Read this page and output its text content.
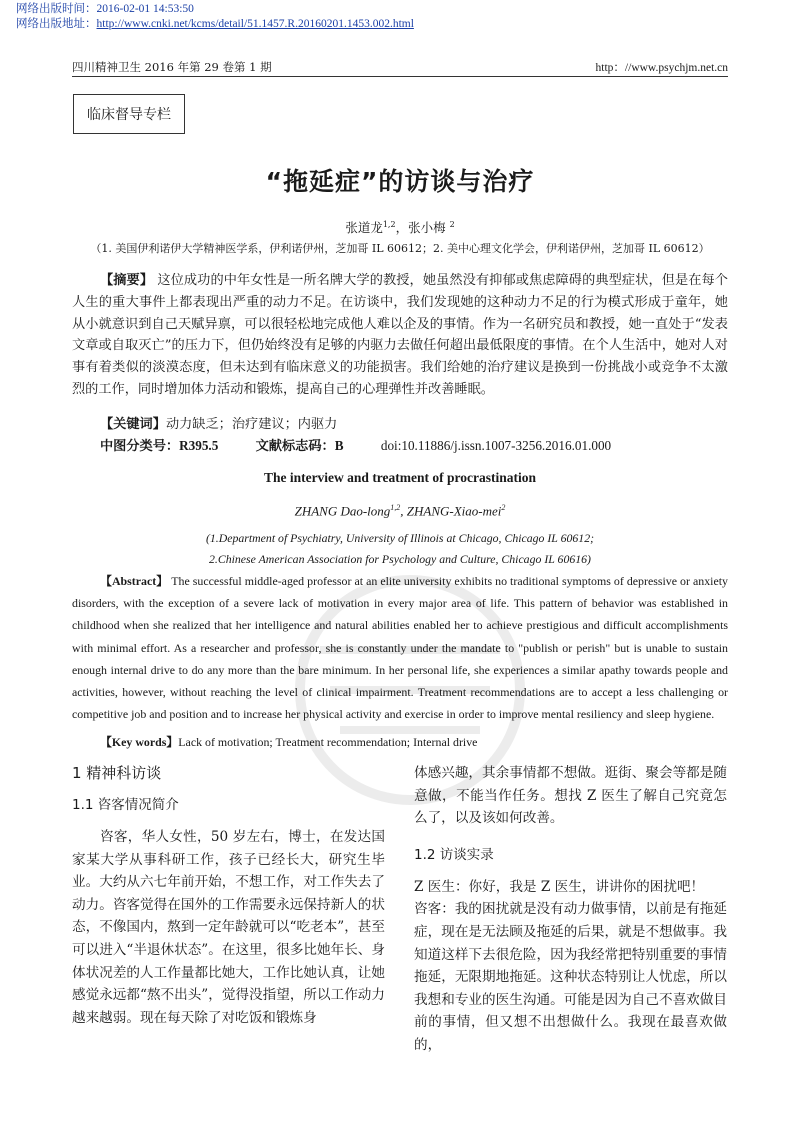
网络出版时间：2016-02-01 14:53:50
网络出版地址：http://www.cnki.net/kcms/detail/51.1457.R.20160201.1453.002.html
四川精神卫生 2016 年第 29 卷第 1 期	http：//www.psychjm.net.cn
临床督导专栏
“拖延症”的访谈与治疗
张道龙$^{1,2}$，张小梅 $^2$
（1. 美国伊利诺伊大学精神医学系，伊利诺伊州，芝加哥 IL 60612；2. 美中心理文化学会，伊利诺伊州，芝加哥 IL 60612）
【摘要】 这位成功的中年女性是一所名牌大学的教授，她虽然没有抑郁或焦虑障碍的典型症状，但是在每个人生的重大事件上都表现出严重的动力不足。在访谈中，我们发现她的这种动力不足的行为模式形成于童年，她从小就意识到自己天赋异禀，可以很轻松地完成他人难以企及的事情。作为一名研究员和教授，她一直处于“发表文章或自取灭亡”的压力下，但仍始终没有足够的内驱力去做任何超出最低限度的事情。在个人生活中，她对人对事有着类似的淡漠态度，但未达到有临床意义的功能损害。我们给她的治疗建议是换到一份挑战小或竞争不太激烈的工作，同时增加体力活动和锻炼，提高自己的心理弹性并改善睡眠。
【关键词】动力缺乏；治疗建议；内驱力
中图分类号：R395.5	文献标志码：B	doi:10.11886/j.issn.1007-3256.2016.01.000
The interview and treatment of procrastination
ZHANG Dao-long$^{1,2}$, ZHANG-Xiao-mei$^2$
(1.Department of Psychiatry, University of Illinois at Chicago, Chicago IL 60612;
2.Chinese American Association for Psychology and Culture, Chicago IL 60616)
【Abstract】 The successful middle-aged professor at an elite university exhibits no traditional symptoms of depressive or anxiety disorders, with the exception of a severe lack of motivation in every major area of life. This pattern of behavior was established in childhood when she realized that her intelligence and natural abilities enabled her to achieve prestigious and difficult accomplishments with minimal effort. As a researcher and professor, she is constantly under the mandate to "publish or perish" but is unable to sustain enough internal drive to do any more than the bare minimum. In her personal life, she experiences a similar apathy towards people and activities, however, without reaching the level of clinical impairment. Treatment recommendations are to accept a less challenging or competitive job and position and to increase her physical activity and exercise in order to improve mental resiliency and sleep hygiene.
【Key words】Lack of motivation; Treatment recommendation; Internal drive
1 精神科访谈
1.1 咨客情况简介

咨客，华人女性，50 岁左右，博士，在发达国家某大学从事科研工作，孩子已经长大，研究生毕业。大约从六七年前开始，不想工作，对工作失去了动力。咨客觉得在国外的工作需要永远保持新人的状态，不像国内，熬到一定年龄就可以“吃老本”，甚至可以进入“半退休状态”。在这里，很多比她年长、身体状况差的人工作量都比她大，工作比她认真，让她感觉永远都“熬不出头”，觉得没指望，所以工作动力越来越弱。现在每天除了对吃饭和锻炼身

体感兴趣，其余事情都不想做。逛街、聚会等都是随意做，不能当作任务。想找 Z 医生了解自己究竟怎么了，以及该如何改善。

1.2 访谈实录

Z 医生：你好，我是 Z 医生，讲讲你的困扰吧！

咨客：我的困扰就是没有动力做事情，以前是有拖延症，现在是无法顾及拖延的后果，就是不想做事。我知道这样下去很危险，因为我经常把特别重要的事情拖延，无限期地拖延。这种状态特别让人忧虑，所以我想和专业的医生沟通。可能是因为自己不喜欢做目前的事情，但又想不出想做什么。我现在最喜欢做的，
